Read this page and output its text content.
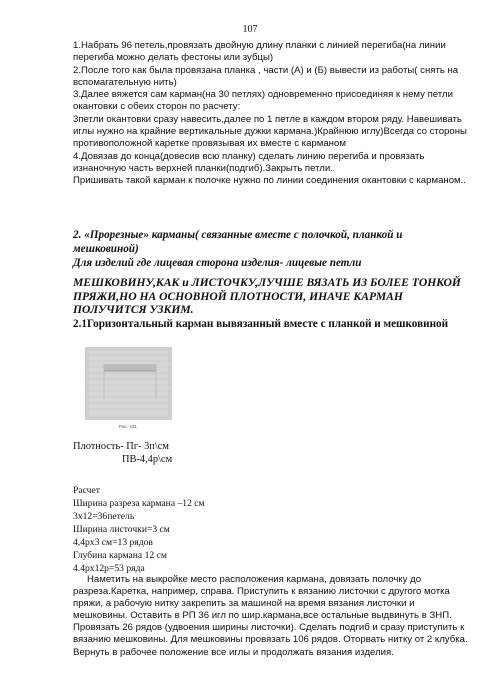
107

1.Набрать 96 петель,провязать двойную длину планки с линией перегиба(на линии перегиба можно делать фестоны или зубцы)

2.После того как была провязана планка , части (А) и (Б) вывести из работы( снять на вспомагательную нить)

3.Далее вяжется сам карман(на 30 петлях) одновременно присоединяя к нему петли окантовки с обеих сторон по расчету:

3петли окантовки сразу навесить,далее по 1 петле в каждом втором ряду. Навешивать иглы нужно на крайние вертикальные дужки кармана.)Крайнюю иглу)Всегда со стороны противоположной каретке провязывая их вместе с карманом

4.Довязав до конца(довесив всю планку) сделать линию перегиба и провязать изнаночную часть верхней планки(подгиб).Закрыть петли.

Пришивать такой карман к полочке нужно по линии соединения окантовки с карманом..

2. «Прорезные» карманы( связанные вместе с полочкой, планкой и мешковиной)
Для изделий где лицевая сторона изделия- лицевые петли
МЕШКОВИНУ,КАК и ЛИСТОЧКУ,ЛУЧШЕ ВЯЗАТЬ ИЗ БОЛЕЕ ТОНКОЙ ПРЯЖИ,НО НА ОСНОВНОЙ ПЛОТНОСТИ, ИНАЧЕ КАРМАН ПОЛУЧИТСЯ УЗКИМ.
2.1Горизонтальный карман вывязанный вместе с планкой и мешковиной
Рис. 431
Плотность- Пг- 3п\см
ПВ-4,4р\см

Расчет

Ширина разреза кармана –12 см

3х12=36петель

Ширина листочки=3 см

4,4рх3 см=13 рядов

Глубина кармана 12 см

4.4рх12р=53 ряда

Наметить на выкройке место расположения кармана, довязать полочку до разреза.Каретка, например, справа. Приступить к вязанию листочки с другого мотка пряжи, а рабочую нитку закрепить за машиной на время вязания листочки и мешковины. Оставить в РП 36 игл по шир.кармана,все остальные выдвинуть в ЗНП. Провязать 26 рядов (удвоения ширины листочки). Сделать подгиб и сразу приступить к вязанию мешковины. Для мешковины провязать 106 рядов. Оторвать нитку от 2 клубка. Вернуть в рабочее положение все иглы и продолжать вязания изделия.
